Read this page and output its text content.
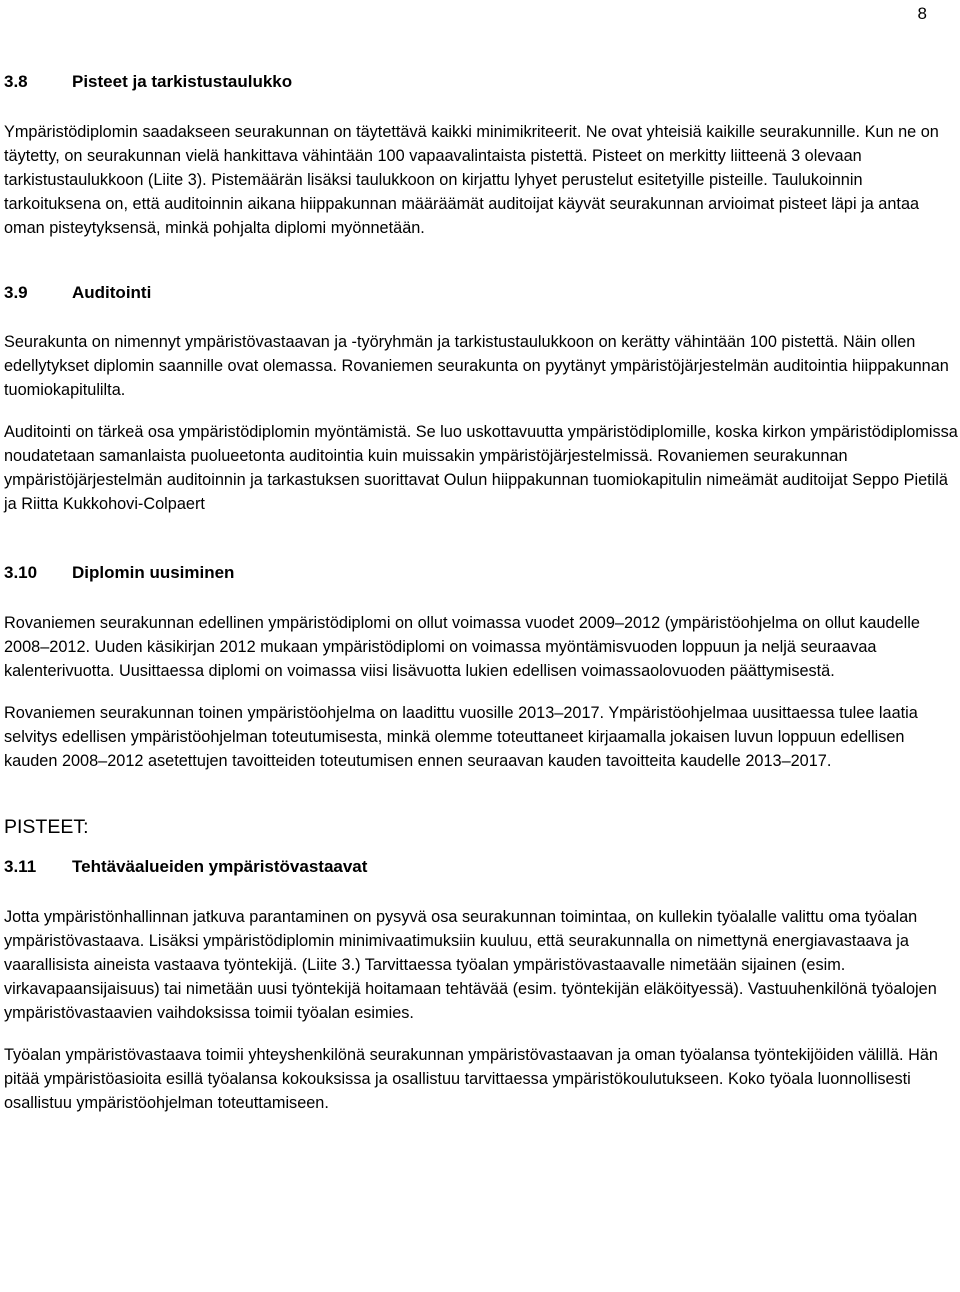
8
3.8	Pisteet ja tarkistustaulukko

Ympäristödiplomin saadakseen seurakunnan on täytettävä kaikki minimikriteerit. Ne ovat yhteisiä kaikille seurakunnille. Kun ne on täytetty, on seurakunnan vielä hankittava vähintään 100 vapaavalintaista pistettä. Pisteet on merkitty liitteenä 3 olevaan tarkistustaulukkoon (Liite 3). Pistemäärän lisäksi taulukkoon on kirjattu lyhyet perustelut esitetyille pisteille. Taulukoinnin tarkoituksena on, että auditoinnin aikana hiippakunnan määräämät auditoijat käyvät seurakunnan arvioimat pisteet läpi ja antaa oman pisteytyksensä, minkä pohjalta diplomi myönnetään.

3.9	Auditointi

Seurakunta on nimennyt ympäristövastaavan ja -työryhmän ja tarkistustaulukkoon on kerätty vähintään 100 pistettä. Näin ollen edellytykset diplomin saannille ovat olemassa. Rovaniemen seurakunta on pyytänyt ympäristöjärjestelmän auditointia hiippakunnan tuomiokapitulilta.

Auditointi on tärkeä osa ympäristödiplomin myöntämistä. Se luo uskottavuutta ympäristödiplomille, koska kirkon ympäristödiplomissa noudatetaan samanlaista puolueetonta auditointia kuin muissakin ympäristöjärjestelmissä. Rovaniemen seurakunnan ympäristöjärjestelmän auditoinnin ja tarkastuksen suorittavat Oulun hiippakunnan tuomiokapitulin nimeämät auditoijat Seppo Pietilä ja Riitta Kukkohovi-Colpaert

3.10	Diplomin uusiminen

Rovaniemen seurakunnan edellinen ympäristödiplomi on ollut voimassa vuodet 2009–2012 (ympäristöohjelma on ollut kaudelle 2008–2012. Uuden käsikirjan 2012 mukaan ympäristödiplomi on voimassa myöntämisvuoden loppuun ja neljä seuraavaa kalenterivuotta. Uusittaessa diplomi on voimassa viisi lisävuotta lukien edellisen voimassaolovuoden päättymisestä.

Rovaniemen seurakunnan toinen ympäristöohjelma on laadittu vuosille 2013–2017. Ympäristöohjelmaa uusittaessa tulee laatia selvitys edellisen ympäristöohjelman toteutumisesta, minkä olemme toteuttaneet kirjaamalla jokaisen luvun loppuun edellisen kauden 2008–2012 asetettujen tavoitteiden toteutumisen ennen seuraavan kauden tavoitteita kaudelle 2013–2017.

PISTEET:
3.11	Tehtäväalueiden ympäristövastaavat

Jotta ympäristönhallinnan jatkuva parantaminen on pysyvä osa seurakunnan toimintaa, on kullekin työalalle valittu oma työalan ympäristövastaava. Lisäksi ympäristödiplomin minimivaatimuksiin kuuluu, että seurakunnalla on nimettynä energiavastaava ja vaarallisista aineista vastaava työntekijä. (Liite 3.) Tarvittaessa työalan ympäristövastaavalle nimetään sijainen (esim. virkavapaansijaisuus) tai nimetään uusi työntekijä hoitamaan tehtävää (esim. työntekijän eläköityessä). Vastuuhenkilönä työalojen ympäristövastaavien vaihdoksissa toimii työalan esimies.

Työalan ympäristövastaava toimii yhteyshenkilönä seurakunnan ympäristövastaavan ja oman työalansa työntekijöiden välillä. Hän pitää ympäristöasioita esillä työalansa kokouksissa ja osallistuu tarvittaessa ympäristökoulutukseen. Koko työala luonnollisesti osallistuu ympäristöohjelman toteuttamiseen.
